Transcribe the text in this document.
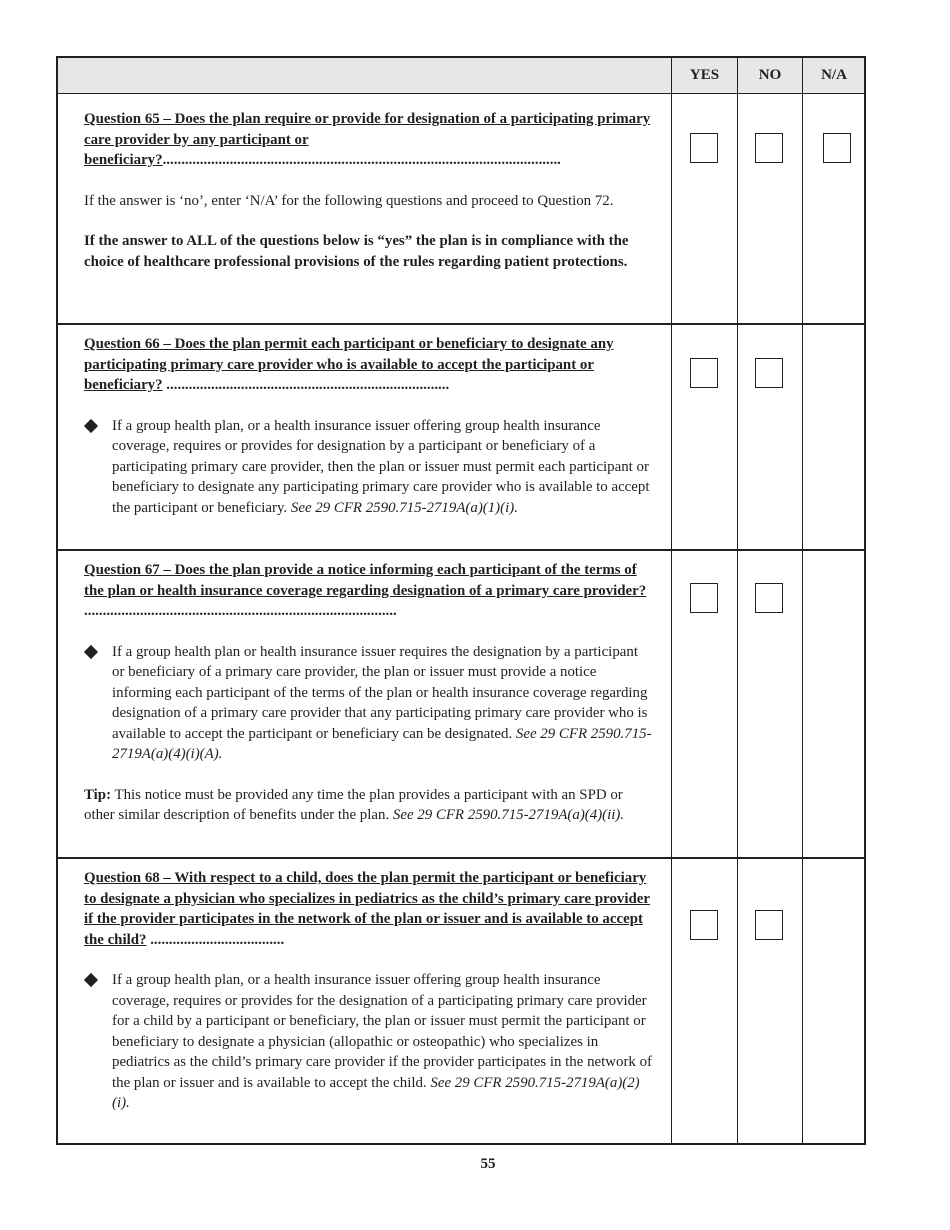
YES	NO	N/A

Question 65 – Does the plan require or provide for designation of a participating primary care provider by any participant or beneficiary?...........................................................................................................

If the answer is ‘no’, enter ‘N/A’ for the following questions and proceed to Question 72.

If the answer to ALL of the questions below is “yes” the plan is in compliance with the choice of healthcare professional provisions of the rules regarding patient protections.

Question 66 – Does the plan permit each participant or beneficiary to designate any participating primary care provider who is available to accept the participant or beneficiary? ............................................................................

If a group health plan, or a health insurance issuer offering group health insurance coverage, requires or provides for designation by a participant or beneficiary of a participating primary care provider, then the plan or issuer must permit each participant or beneficiary to designate any participating primary care provider who is available to accept the participant or beneficiary. See 29 CFR 2590.715-2719A(a)(1)(i).

Question 67 – Does the plan provide a notice informing each participant of the terms of the plan or health insurance coverage regarding designation of a primary care provider? ....................................................................................

If a group health plan or health insurance issuer requires the designation by a participant or beneficiary of a primary care provider, the plan or issuer must provide a notice informing each participant of the terms of the plan or health insurance coverage regarding designation of a primary care provider that any participating primary care provider who is available to accept the participant or beneficiary can be designated. See 29 CFR 2590.715-2719A(a)(4)(i)(A).

Tip: This notice must be provided any time the plan provides a participant with an SPD or other similar description of benefits under the plan. See 29 CFR 2590.715-2719A(a)(4)(ii).

Question 68 – With respect to a child, does the plan permit the participant or beneficiary to designate a physician who specializes in pediatrics as the child’s primary care provider if the provider participates in the network of the plan or issuer and is available to accept the child? ....................................

If a group health plan, or a health insurance issuer offering group health insurance coverage, requires or provides for the designation of a participating primary care provider for a child by a participant or beneficiary, the plan or issuer must permit the participant or beneficiary to designate a physician (allopathic or osteopathic) who specializes in pediatrics as the child’s primary care provider if the provider participates in the network of the plan or issuer and is available to accept the child. See 29 CFR 2590.715-2719A(a)(2)(i).
55
